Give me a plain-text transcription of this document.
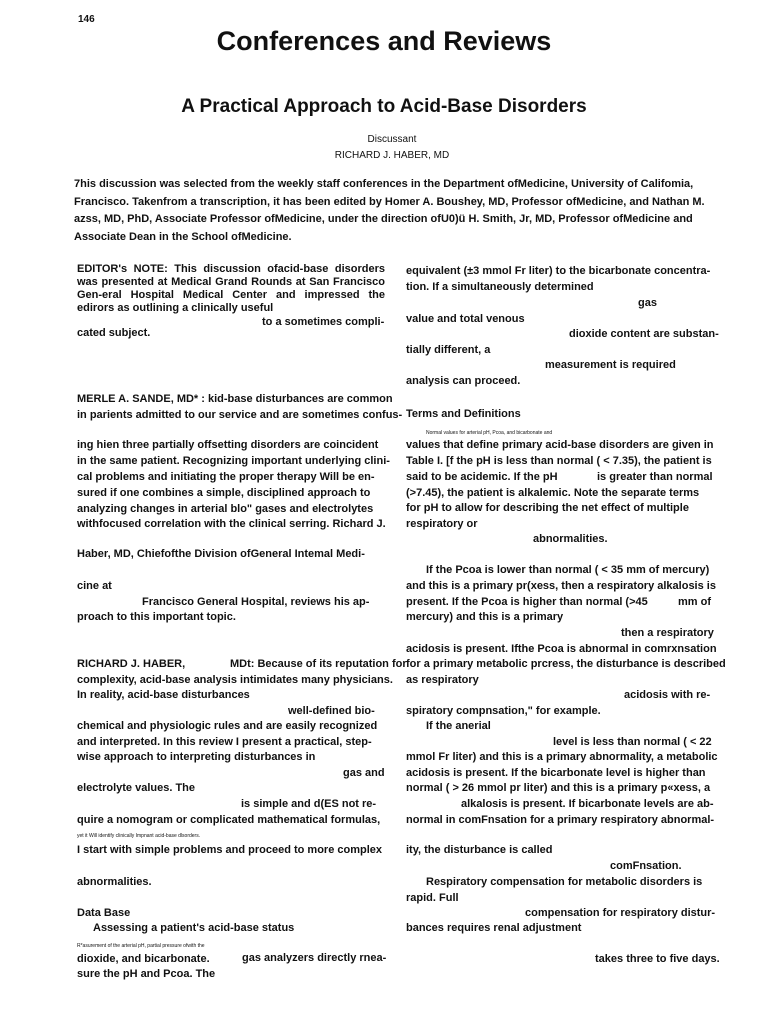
146
Conferences and Reviews
A Practical Approach to Acid-Base Disorders
Discussant
RICHARD J. HABER, MD
7his discussion was selected from the weekly staff conferences in the Department ofMedicine, University of Califomia, Francisco. Takenfrom a transcription, it has been edited by Homer A. Boushey, MD, Professor ofMedicine, and Nathan M. azss, MD, PhD, Associate Professor ofMedicine, under the direction ofU0)ü H. Smith, Jr, MD, Professor ofMedicine and Associate Dean in the School ofMedicine.
EDITOR's NOTE: This discussion ofacid-base disorders was presented at Medical Grand Rounds at San Francisco Gen-eral Hospital Medical Center and impressed the edirors as outlining a clinically useful
to a sometimes compli-
cated subject.
MERLE A. SANDE, MD* : kid-base disturbances are common
in parients admitted to our service and are sometimes confus-
ing hien three partially offsetting disorders are coincident
in the same patient. Recognizing important underlying clini-
cal problems and initiating the proper therapy Will be en-
sured if one combines a simple, disciplined approach to
analyzing changes in arterial blo" gases and electrolytes
withfocused correlation with the clinical serring. Richard J.
Haber, MD, Chiefofthe Division ofGeneral Intemal Medi-
cine at
Francisco General Hospital, reviews his ap-
proach to this important topic.
RICHARD J. HABER,	MDt: Because of its reputation for
complexity, acid-base analysis intimidates many physicians.
In reality, acid-base disturbances
well-defined bio-
chemical and physiologic rules and are easily recognized
and interpreted. In this review I present a practical, step-
wise approach to interpreting disturbances in
gas and
electrolyte values. The
is simple and d(ES not re-
quire a nomogram or complicated mathematical formulas,
yet it Will identify clinically Impnant acid-base dlsorders.
I start with simple problems and proceed to more complex
abnormalities.
Data Base
Assessing a patient's acid-base status
R*asurement of the arterial pH, partial pressure ofwith the
dioxide, and bicarbonate.	gas analyzers directly rnea-
sure the pH and Pcoa. The
equivalent (±3 mmol Fr liter) to the bicarbonate concentra-
tion. If a simultaneously determined
gas
value and total venous
dioxide content are substan-
tially different, a
measurement is required
analysis can proceed.
Terms and Definitions
Normal values for arterial pH, Pcoa, and bicarbonate and
values that define primary acid-base disorders are given in
Table I. [f the pH is less than normal ( < 7.35), the patient is
said to be acidemic. If the pH	is greater than normal
(>7.45), the patient is alkalemic. Note the separate terms
for pH to allow for describing the net effect of multiple
respiratory or
abnormalities.
If the Pcoa is lower than normal ( < 35 mm of mercury)
and this is a primary pr(xess, then a respiratory alkalosis is
present. If the Pcoa is higher than normal (>45	mm of
mercury) and this is a primary
then a respiratory
acidosis is present. Ifthe Pcoa is abnormal in comrxnsation
for a primary metabolic prcress, the disturbance is described
as respiratory
acidosis with re-
spiratory compnsation," for example.
If the anerial
level is less than normal ( < 22
mmol Fr liter) and this is a primary abnormality, a metabolic
acidosis is present. If the bicarbonate level is higher than
normal ( > 26 mmol pr liter) and this is a primary p«xess, a
alkalosis is present. If bicarbonate levels are ab-
normal in comFnsation for a primary respiratory abnormal-
ity, the disturbance is called
comFnsation.
Respiratory compensation for metabolic disorders is
rapid. Full
compensation for respiratory distur-
bances requires renal adjustment
takes three to five days.
